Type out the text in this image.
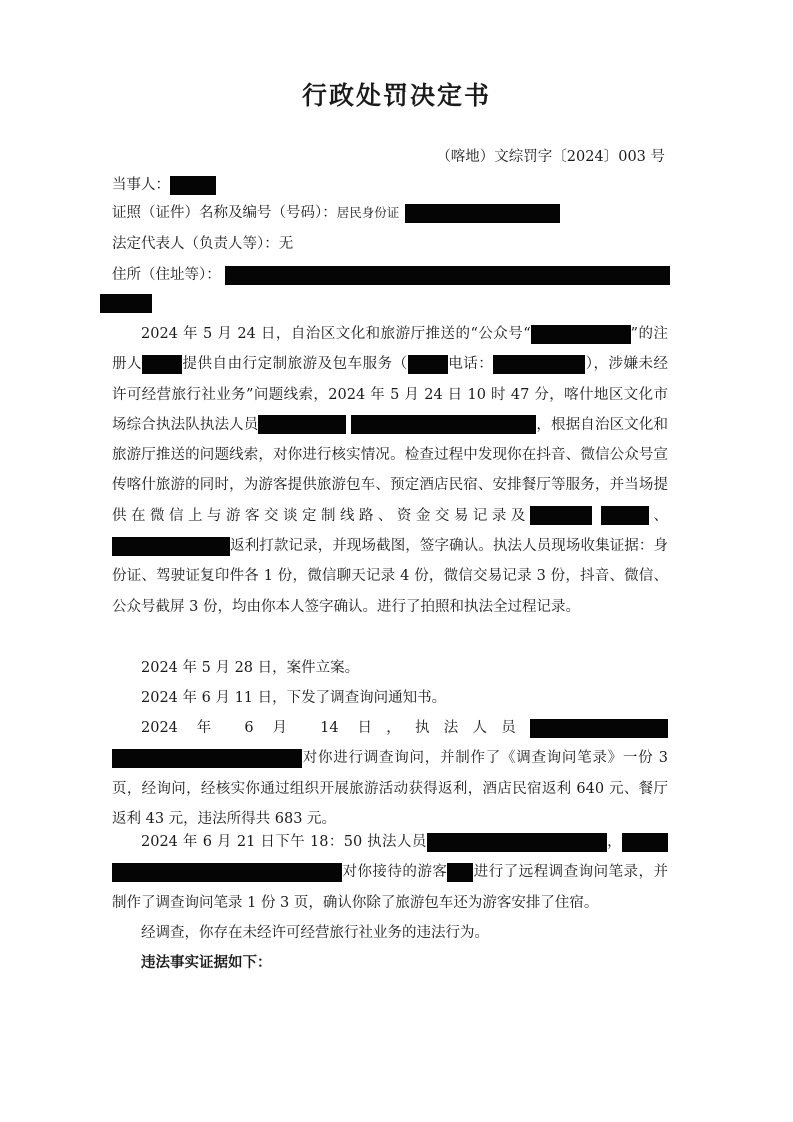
行政处罚决定书
（喀地）文综罚字〔2024〕003 号
当事人：
证照（证件）名称及编号（号码）：居民身份证
法定代表人（负责人等）：无
住所（住址等）：
2024 年 5 月 24 日，自治区文化和旅游厅推送的“公众号“	”的注册人	提供自由行定制旅游及包车服务（	电话：	），涉嫌未经许可经营旅行社业务”问题线索，2024 年 5 月 24 日 10 时 47 分，喀什地区文化市场综合执法队执法人员	，根据自治区文化和旅游厅推送的问题线索，对你进行核实情况。检查过程中发现你在抖音、微信公众号宣传喀什旅游的同时，为游客提供旅游包车、预定酒店民宿、安排餐厅等服务，并当场提供在微信上与游客交谈定制线路、资金交易记录及	、返利打款记录，并现场截图，签字确认。执法人员现场收集证据：身份证、驾驶证复印件各 1 份，微信聊天记录 4 份，微信交易记录 3 份，抖音、微信、公众号截屏 3 份，均由你本人签字确认。进行了拍照和执法全过程记录。
2024 年 5 月 28 日，案件立案。
2024 年 6 月 11 日，下发了调查询问通知书。
2024 年 6 月 14 日，执法人员 对你进行调查询问，并制作了《调查询问笔录》一份 3 页，经询问，经核实你通过组织开展旅游活动获得返利，酒店民宿返利 640 元、餐厅返利 43 元，违法所得共 683 元。
2024 年 6 月 21 日下午 18：50 执法人员	， 对你接待的游客 进行了远程调查询问笔录，并制作了调查询问笔录 1 份 3 页，确认你除了旅游包车还为游客安排了住宿。
经调查，你存在未经许可经营旅行社业务的违法行为。
违法事实证据如下：
